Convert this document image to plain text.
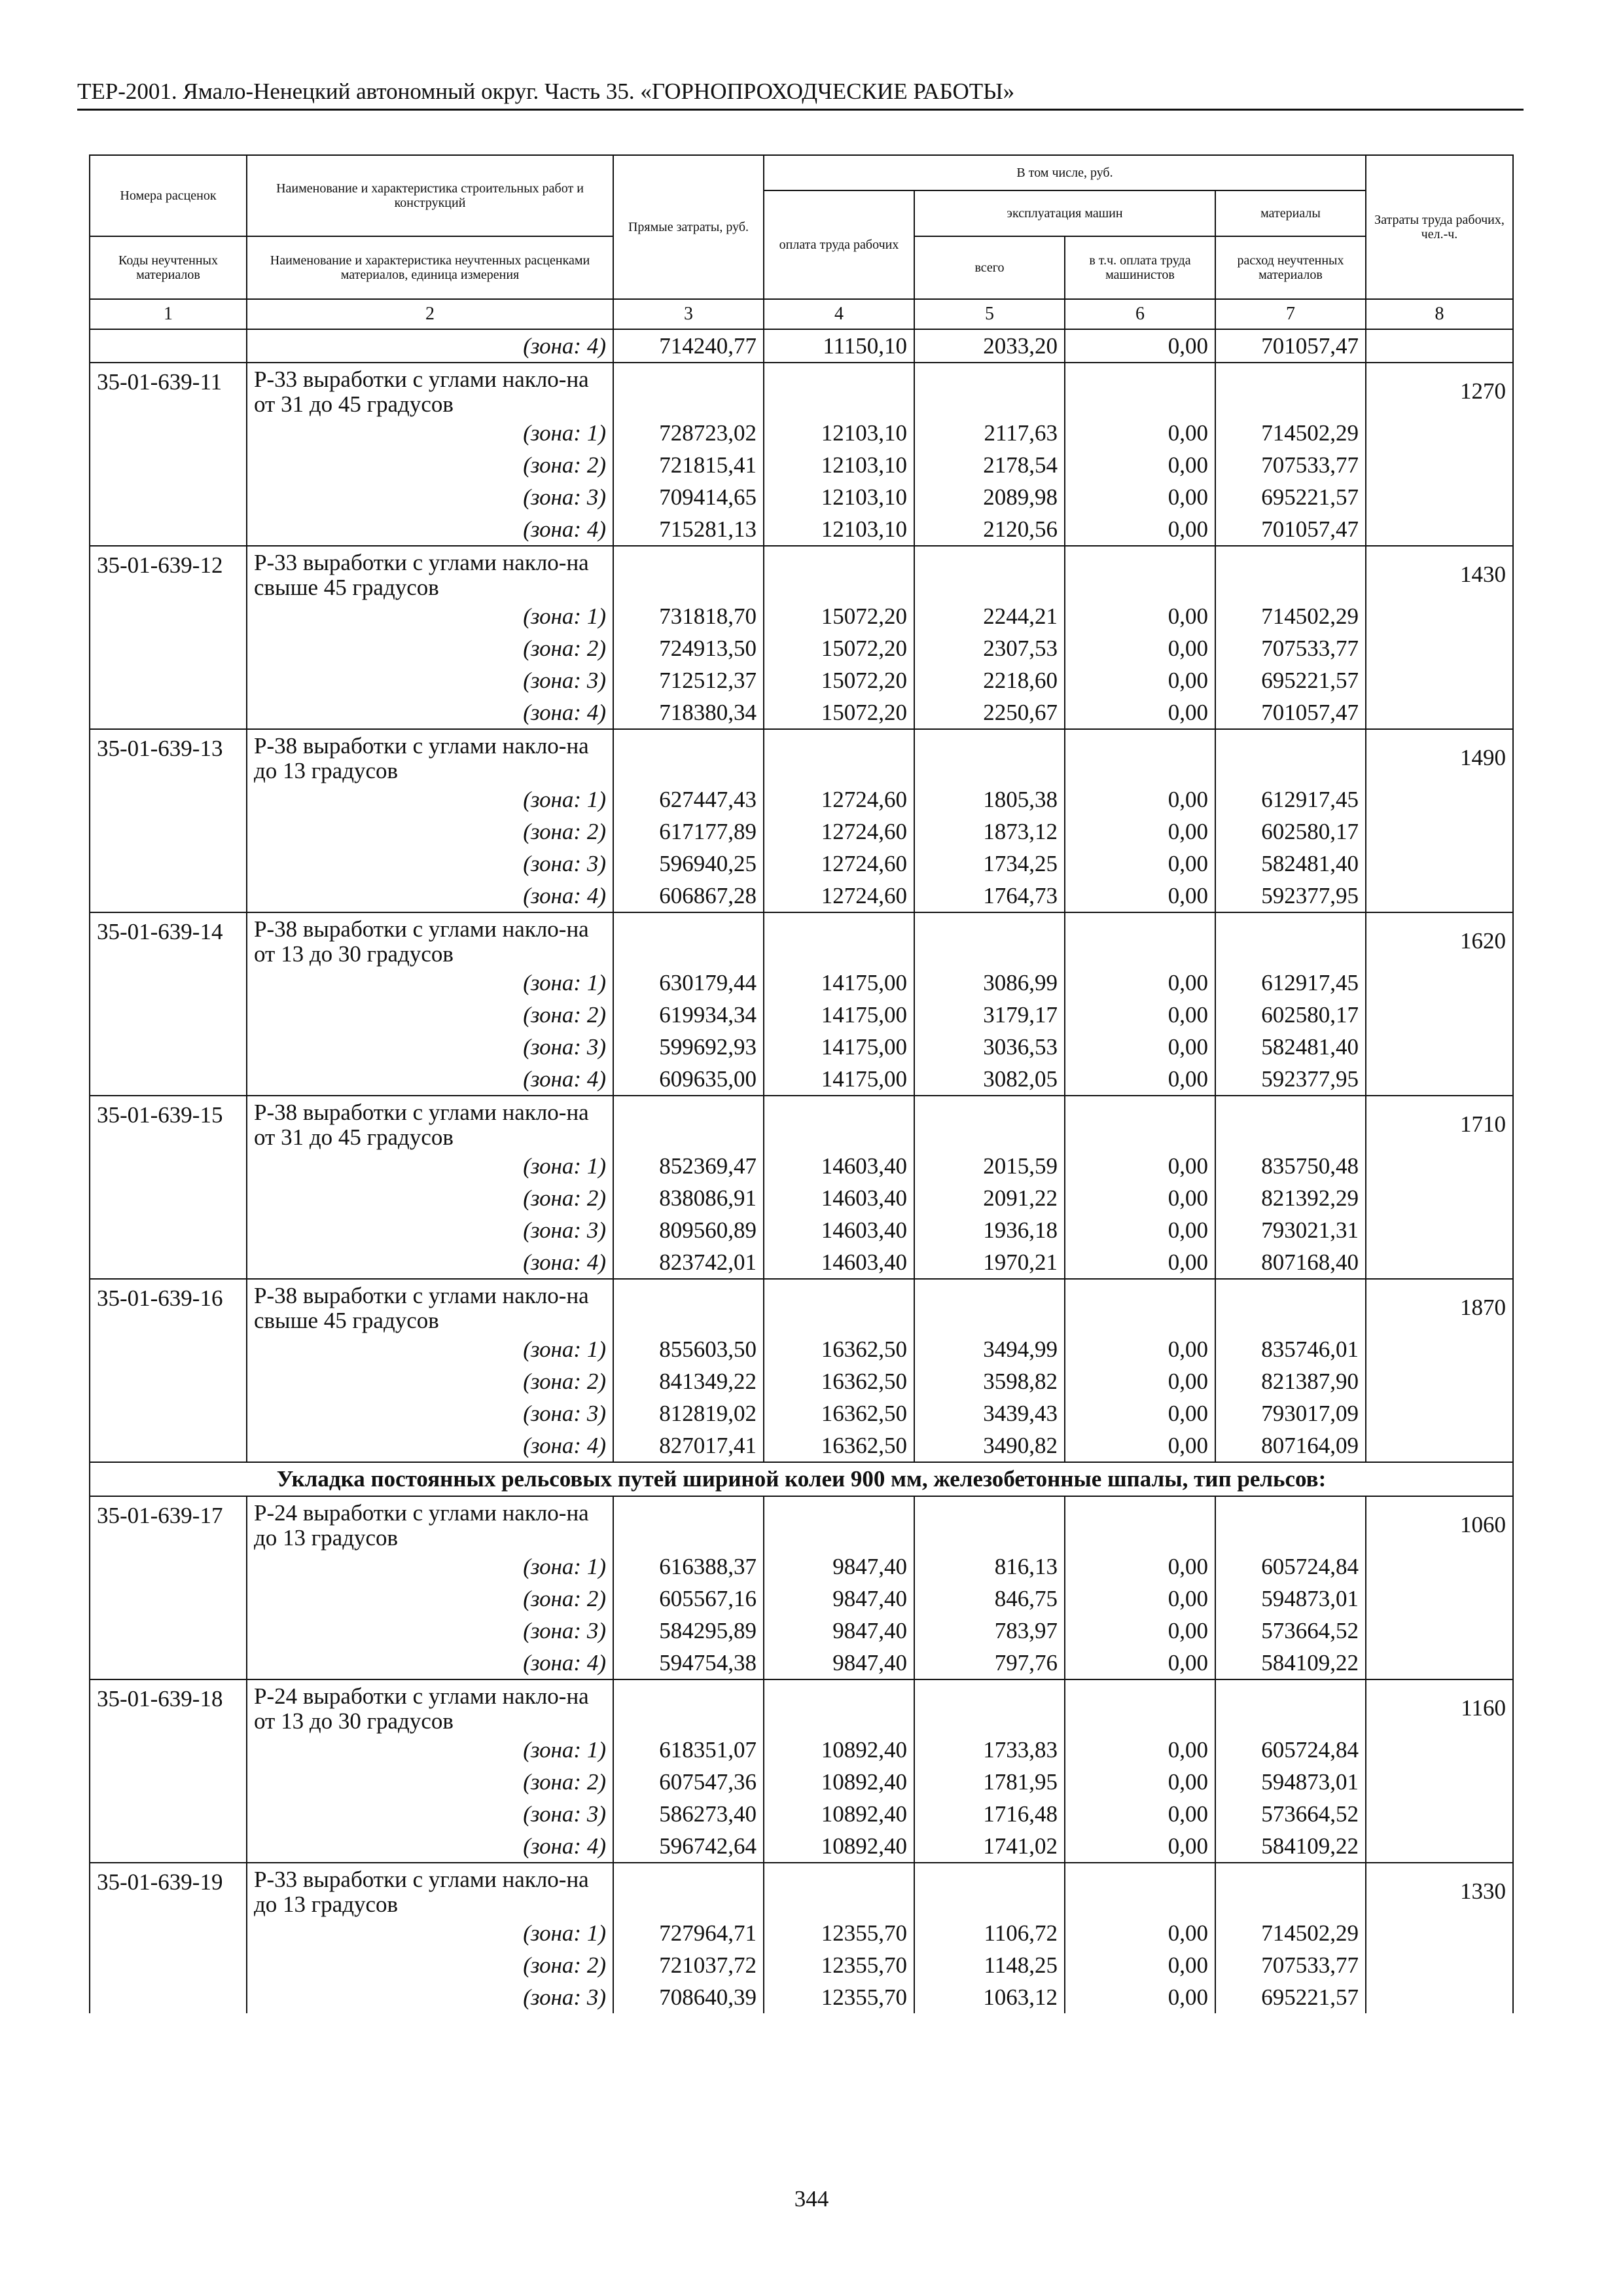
ТЕР-2001. Ямало-Ненецкий автономный округ. Часть 35. «ГОРНОПРОХОДЧЕСКИЕ РАБОТЫ»
Номера расценок	Наименование и характеристика строительных работ и конструкций	Прямые затраты, руб.	В том числе, руб.				Затраты труда рабочих, чел.-ч.
			оплата труда рабочих	эксплуатация машин		материалы	
Коды неучтенных материалов	Наименование и характеристика неучтенных расценками материалов, единица измерения			всего	в т.ч. оплата труда машинистов	расход неучтенных материалов	
1	2	3	4	5	6	7	8
	(зона: 4)	714240,77	11150,10	2033,20	0,00	701057,47	
35-01-639-11	Р-33 выработки с углами накло-на от 31 до 45 градусов						1270
	(зона: 1)	728723,02	12103,10	2117,63	0,00	714502,29	
	(зона: 2)	721815,41	12103,10	2178,54	0,00	707533,77	
	(зона: 3)	709414,65	12103,10	2089,98	0,00	695221,57	
	(зона: 4)	715281,13	12103,10	2120,56	0,00	701057,47	
35-01-639-12	Р-33 выработки с углами накло-на свыше 45 градусов						1430
	(зона: 1)	731818,70	15072,20	2244,21	0,00	714502,29	
	(зона: 2)	724913,50	15072,20	2307,53	0,00	707533,77	
	(зона: 3)	712512,37	15072,20	2218,60	0,00	695221,57	
	(зона: 4)	718380,34	15072,20	2250,67	0,00	701057,47	
35-01-639-13	Р-38 выработки с углами накло-на до 13 градусов						1490
	(зона: 1)	627447,43	12724,60	1805,38	0,00	612917,45	
	(зона: 2)	617177,89	12724,60	1873,12	0,00	602580,17	
	(зона: 3)	596940,25	12724,60	1734,25	0,00	582481,40	
	(зона: 4)	606867,28	12724,60	1764,73	0,00	592377,95	
35-01-639-14	Р-38 выработки с углами накло-на от 13 до 30 градусов						1620
	(зона: 1)	630179,44	14175,00	3086,99	0,00	612917,45	
	(зона: 2)	619934,34	14175,00	3179,17	0,00	602580,17	
	(зона: 3)	599692,93	14175,00	3036,53	0,00	582481,40	
	(зона: 4)	609635,00	14175,00	3082,05	0,00	592377,95	
35-01-639-15	Р-38 выработки с углами накло-на от 31 до 45 градусов						1710
	(зона: 1)	852369,47	14603,40	2015,59	0,00	835750,48	
	(зона: 2)	838086,91	14603,40	2091,22	0,00	821392,29	
	(зона: 3)	809560,89	14603,40	1936,18	0,00	793021,31	
	(зона: 4)	823742,01	14603,40	1970,21	0,00	807168,40	
35-01-639-16	Р-38 выработки с углами накло-на свыше 45 градусов						1870
	(зона: 1)	855603,50	16362,50	3494,99	0,00	835746,01	
	(зона: 2)	841349,22	16362,50	3598,82	0,00	821387,90	
	(зона: 3)	812819,02	16362,50	3439,43	0,00	793017,09	
	(зона: 4)	827017,41	16362,50	3490,82	0,00	807164,09	
Укладка постоянных рельсовых путей шириной колеи 900 мм, железобетонные шпалы, тип рельсов:							
35-01-639-17	Р-24 выработки с углами накло-на до 13 градусов						1060
	(зона: 1)	616388,37	9847,40	816,13	0,00	605724,84	
	(зона: 2)	605567,16	9847,40	846,75	0,00	594873,01	
	(зона: 3)	584295,89	9847,40	783,97	0,00	573664,52	
	(зона: 4)	594754,38	9847,40	797,76	0,00	584109,22	
35-01-639-18	Р-24 выработки с углами накло-на от 13 до 30 градусов						1160
	(зона: 1)	618351,07	10892,40	1733,83	0,00	605724,84	
	(зона: 2)	607547,36	10892,40	1781,95	0,00	594873,01	
	(зона: 3)	586273,40	10892,40	1716,48	0,00	573664,52	
	(зона: 4)	596742,64	10892,40	1741,02	0,00	584109,22	
35-01-639-19	Р-33 выработки с углами накло-на до 13 градусов						1330
	(зона: 1)	727964,71	12355,70	1106,72	0,00	714502,29	
	(зона: 2)	721037,72	12355,70	1148,25	0,00	707533,77	
	(зона: 3)	708640,39	12355,70	1063,12	0,00	695221,57	
344
